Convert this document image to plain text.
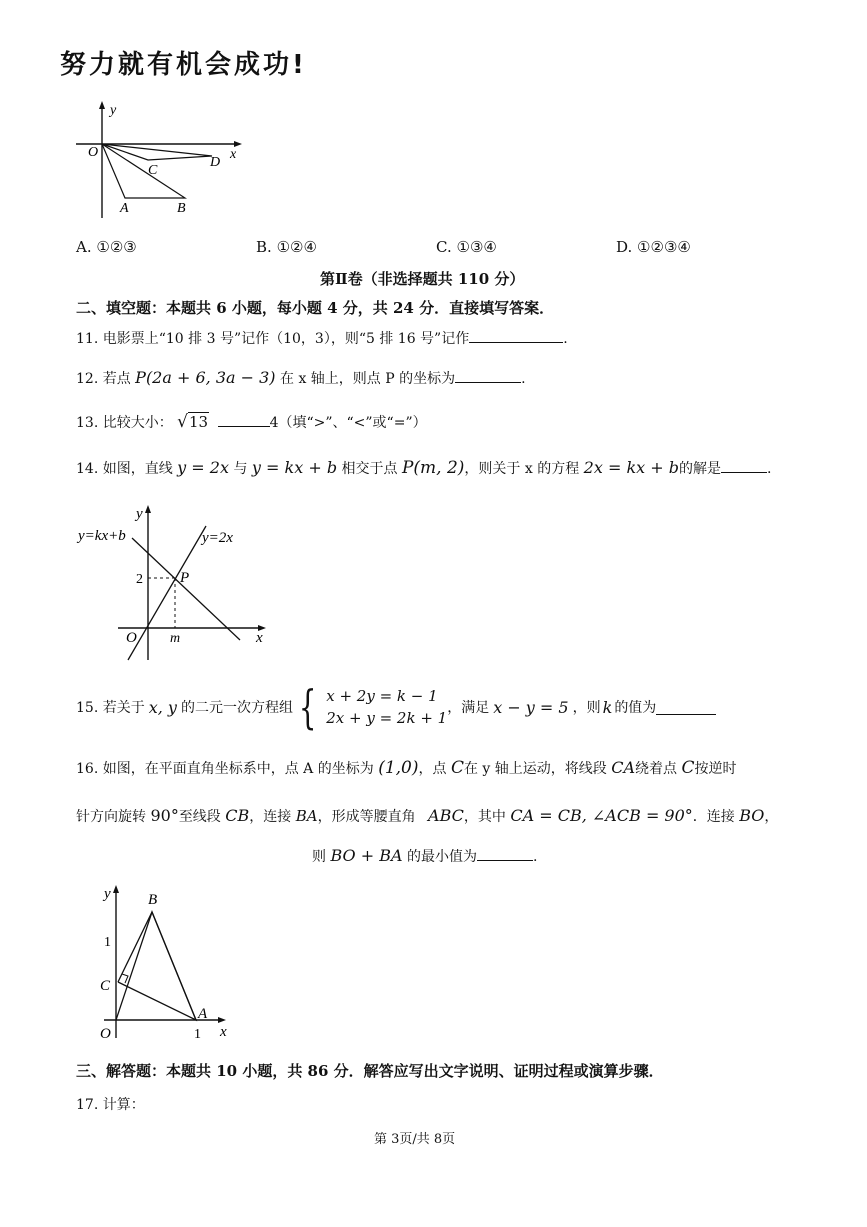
努力就有机会成功!
y
x
O
C
D
A	B
A. ①②③	B. ①②④	C. ①③④	D. ①②③④
第Ⅱ卷（非选择题共 110 分）
二、填空题：本题共 6 小题，每小题 4 分，共 24 分．直接填写答案．
11. 电影票上“10 排 3 号”记作（10，3），则“5 排 16 号”记作	.
12. 若点 P(2a + 6, 3a − 3) 在 x 轴上，则点 P 的坐标为	.
13. 比较大小： √13	4（填“>”、“<”或“=”）
14. 如图，直线 y = 2x 与 y = kx + b 相交于点 P(m, 2)，则关于 x 的方程 2x = kx + b的解是	.
y
x
O m
2 P
y=kx+b	y=2x
15. 若关于 x, y 的二元一次方程组 { x + 2y = k − 1
2x + y = 2k + 1
，满足 x − y = 5 ，则 k 的值为
16. 如图，在平面直角坐标系中，点 A 的坐标为 (1,0)，点 C在 y 轴上运动，将线段 CA绕着点 C按逆时
针方向旋转 90°至线段 CB，连接 BA，形成等腰直角 ABC，其中 CA = CB, ∠ACB = 90°．连接 BO，
则 BO + BA 的最小值为	.
y
x
O
1
1
A
B
C
三、解答题：本题共 10 小题，共 86 分．解答应写出文字说明、证明过程或演算步骤．
17. 计算：
第 3页/共 8页
